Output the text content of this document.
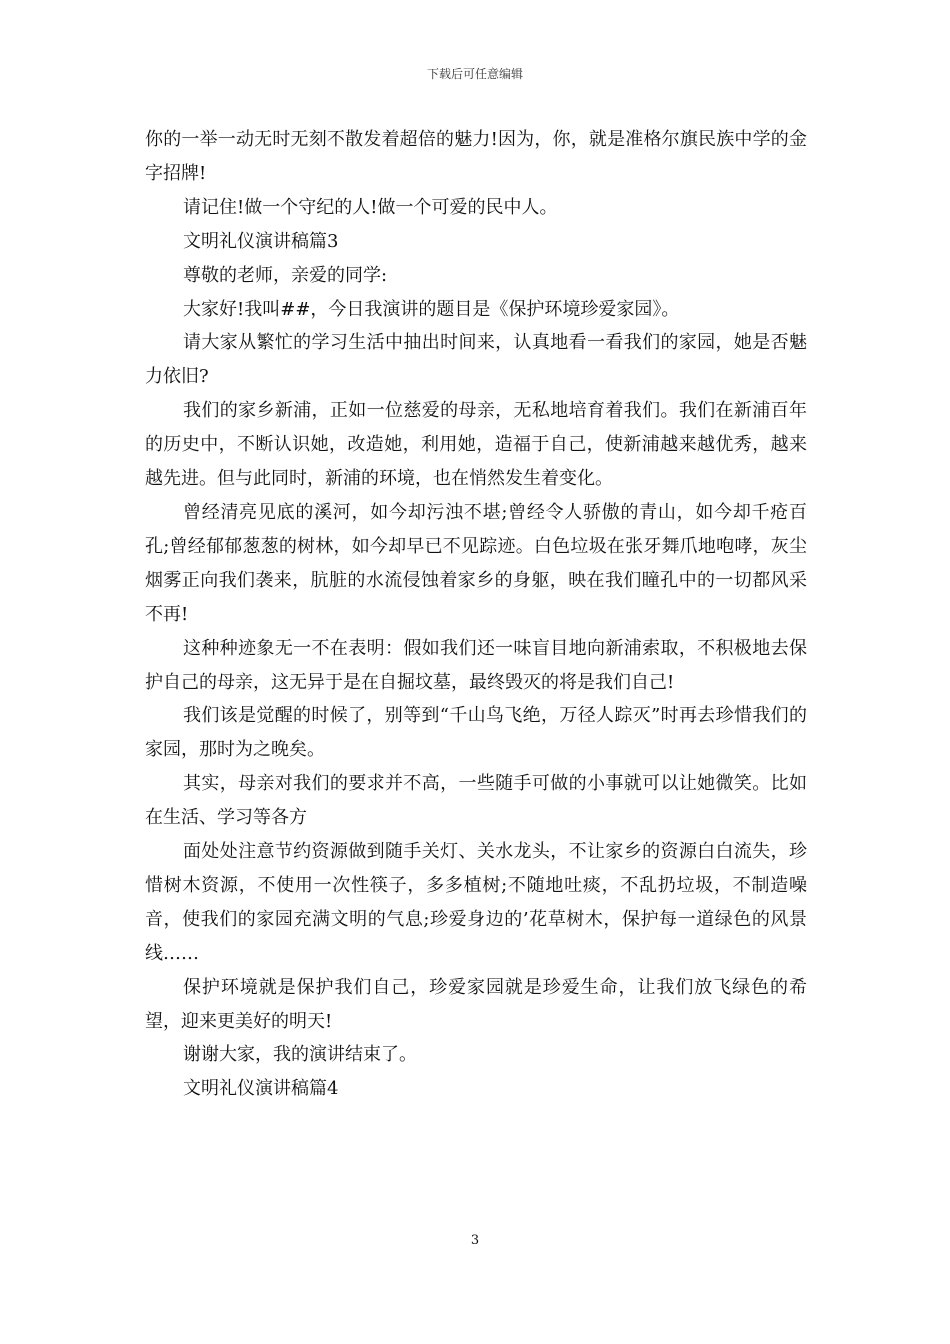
下载后可任意编辑

你的一举一动无时无刻不散发着超倍的魅力!因为，你，就是准格尔旗民族中学的金字招牌!

请记住!做一个守纪的人!做一个可爱的民中人。

文明礼仪演讲稿篇3

尊敬的老师，亲爱的同学:

大家好!我叫##，今日我演讲的题目是《保护环境珍爱家园》。

请大家从繁忙的学习生活中抽出时间来，认真地看一看我们的家园，她是否魅力依旧?

我们的家乡新浦，正如一位慈爱的母亲，无私地培育着我们。我们在新浦百年的历史中，不断认识她，改造她，利用她，造福于自己，使新浦越来越优秀，越来越先进。但与此同时，新浦的环境，也在悄然发生着变化。

曾经清亮见底的溪河，如今却污浊不堪;曾经令人骄傲的青山，如今却千疮百孔;曾经郁郁葱葱的树林，如今却早已不见踪迹。白色垃圾在张牙舞爪地咆哮，灰尘烟雾正向我们袭来，肮脏的水流侵蚀着家乡的身躯，映在我们瞳孔中的一切都风采不再!

这种种迹象无一不在表明：假如我们还一味盲目地向新浦索取，不积极地去保护自己的母亲，这无异于是在自掘坟墓，最终毁灭的将是我们自己!

我们该是觉醒的时候了，别等到“千山鸟飞绝，万径人踪灭”时再去珍惜我们的家园，那时为之晚矣。

其实，母亲对我们的要求并不高，一些随手可做的小事就可以让她微笑。比如在生活、学习等各方

面处处注意节约资源做到随手关灯、关水龙头，不让家乡的资源白白流失，珍惜树木资源，不使用一次性筷子，多多植树;不随地吐痰，不乱扔垃圾，不制造噪音，使我们的家园充满文明的气息;珍爱身边的’花草树木，保护每一道绿色的风景线……

保护环境就是保护我们自己，珍爱家园就是珍爱生命，让我们放飞绿色的希望，迎来更美好的明天!

谢谢大家，我的演讲结束了。

文明礼仪演讲稿篇4

3
